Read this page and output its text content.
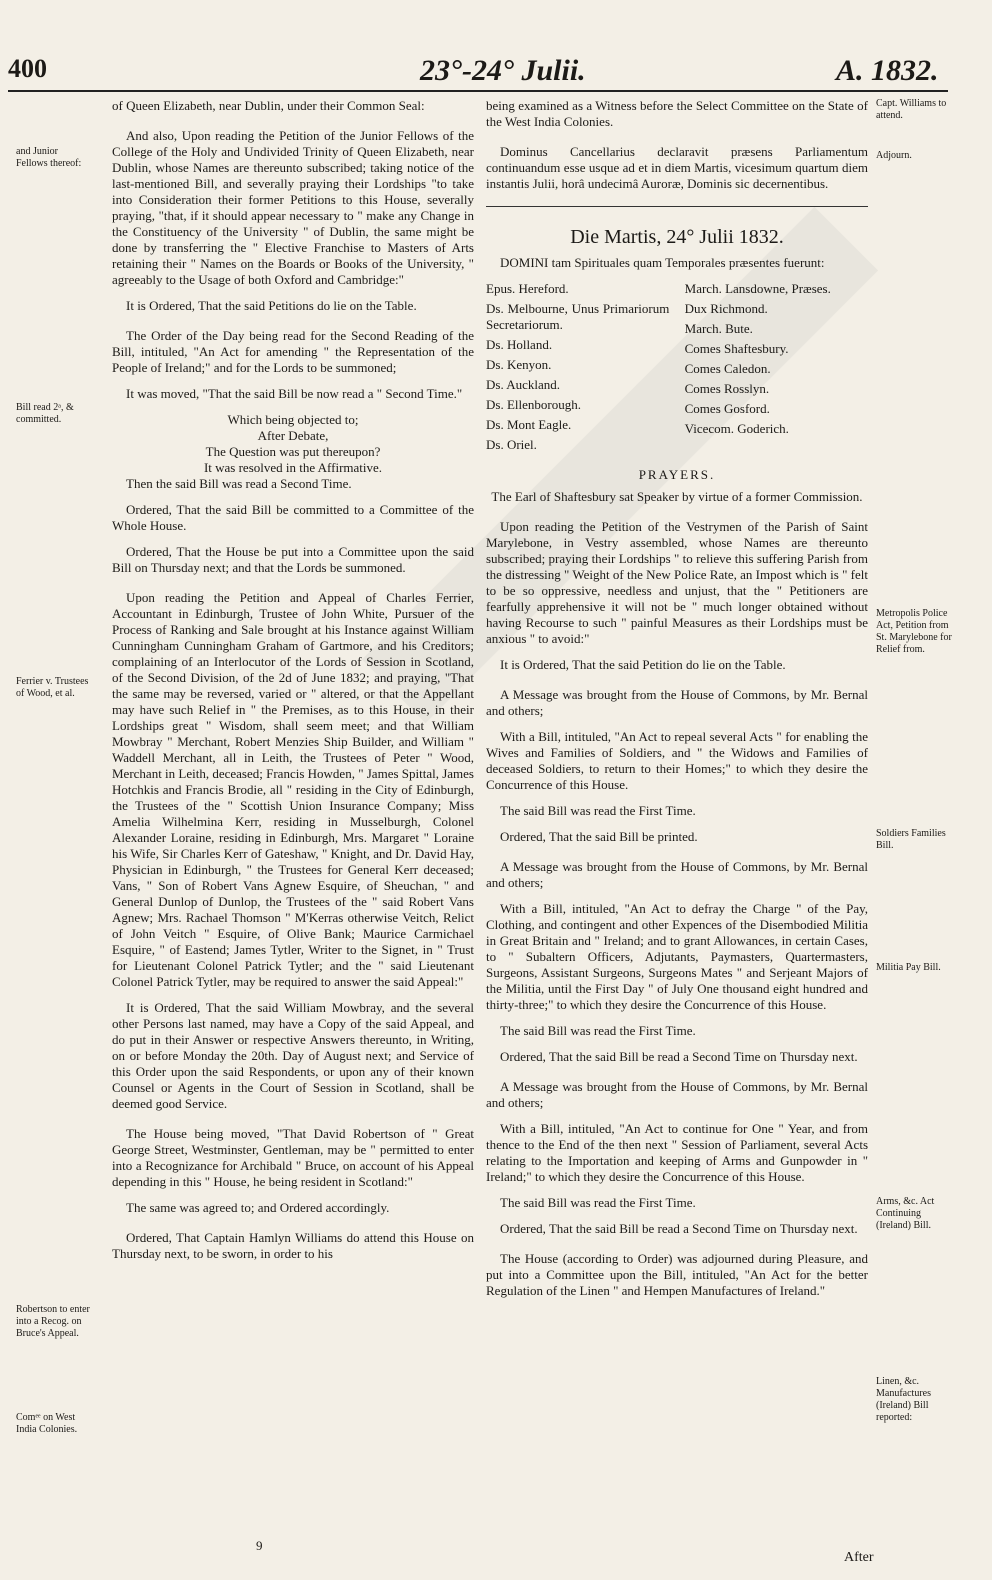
400	23°-24° Julii.	A. 1832.
and Junior Fellows thereof:
Bill read 2ᵃ, & committed.
Ferrier v. Trustees of Wood, et al.
Robertson to enter into a Recog. on Bruce's Appeal.
Comᵉᵉ on West India Colonies.
Capt. Williams to attend.
Adjourn.
Metropolis Police Act, Petition from St. Marylebone for Relief from.
Soldiers Families Bill.
Militia Pay Bill.
Arms, &c. Act Continuing (Ireland) Bill.
Linen, &c. Manufactures (Ireland) Bill reported:

of Queen Elizabeth, near Dublin, under their Common Seal:

And also, Upon reading the Petition of the Junior Fellows of the College of the Holy and Undivided Trinity of Queen Elizabeth, near Dublin, whose Names are thereunto subscribed; taking notice of the last-mentioned Bill, and severally praying their Lordships "to take into Consideration their former Petitions to this House, severally praying, "that, if it should appear necessary to " make any Change in the Constituency of the University " of Dublin, the same might be done by transferring the " Elective Franchise to Masters of Arts retaining their " Names on the Boards or Books of the University, " agreeably to the Usage of both Oxford and Cambridge:"

It is Ordered, That the said Petitions do lie on the Table.

The Order of the Day being read for the Second Reading of the Bill, intituled, "An Act for amending " the Representation of the People of Ireland;" and for the Lords to be summoned;

It was moved, "That the said Bill be now read a " Second Time."

Which being objected to;

After Debate,

The Question was put thereupon?

It was resolved in the Affirmative.

Then the said Bill was read a Second Time.

Ordered, That the said Bill be committed to a Committee of the Whole House.

Ordered, That the House be put into a Committee upon the said Bill on Thursday next; and that the Lords be summoned.

Upon reading the Petition and Appeal of Charles Ferrier, Accountant in Edinburgh, Trustee of John White, Pursuer of the Process of Ranking and Sale brought at his Instance against William Cunningham Cunningham Graham of Gartmore, and his Creditors; complaining of an Interlocutor of the Lords of Session in Scotland, of the Second Division, of the 2d of June 1832; and praying, "That the same may be reversed, varied or " altered, or that the Appellant may have such Relief in " the Premises, as to this House, in their Lordships great " Wisdom, shall seem meet; and that William Mowbray " Merchant, Robert Menzies Ship Builder, and William " Waddell Merchant, all in Leith, the Trustees of Peter " Wood, Merchant in Leith, deceased; Francis Howden, " James Spittal, James Hotchkis and Francis Brodie, all " residing in the City of Edinburgh, the Trustees of the " Scottish Union Insurance Company; Miss Amelia Wilhelmina Kerr, residing in Musselburgh, Colonel Alexander Loraine, residing in Edinburgh, Mrs. Margaret " Loraine his Wife, Sir Charles Kerr of Gateshaw, " Knight, and Dr. David Hay, Physician in Edinburgh, " the Trustees for General Kerr deceased; Vans, " Son of Robert Vans Agnew Esquire, of Sheuchan, " and General Dunlop of Dunlop, the Trustees of the " said Robert Vans Agnew; Mrs. Rachael Thomson " M'Kerras otherwise Veitch, Relict of John Veitch " Esquire, of Olive Bank; Maurice Carmichael Esquire, " of Eastend; James Tytler, Writer to the Signet, in " Trust for Lieutenant Colonel Patrick Tytler; and the " said Lieutenant Colonel Patrick Tytler, may be required to answer the said Appeal:"

It is Ordered, That the said William Mowbray, and the several other Persons last named, may have a Copy of the said Appeal, and do put in their Answer or respective Answers thereunto, in Writing, on or before Monday the 20th. Day of August next; and Service of this Order upon the said Respondents, or upon any of their known Counsel or Agents in the Court of Session in Scotland, shall be deemed good Service.

The House being moved, "That David Robertson of " Great George Street, Westminster, Gentleman, may be " permitted to enter into a Recognizance for Archibald " Bruce, on account of his Appeal depending in this " House, he being resident in Scotland:"

The same was agreed to; and Ordered accordingly.

Ordered, That Captain Hamlyn Williams do attend this House on Thursday next, to be sworn, in order to his

being examined as a Witness before the Select Committee on the State of the West India Colonies.

Dominus Cancellarius declaravit præsens Parliamentum continuandum esse usque ad et in diem Martis, vicesimum quartum diem instantis Julii, horâ undecimâ Auroræ, Dominis sic decernentibus.

Die Martis, 24° Julii 1832.

DOMINI tam Spirituales quam Temporales præsentes fuerunt:

Epus. Hereford.
Ds. Melbourne, Unus Primariorum Secretariorum.
Ds. Holland.
Ds. Kenyon.
Ds. Auckland.
Ds. Ellenborough.
Ds. Mont Eagle.
Ds. Oriel.
March. Lansdowne, Præses.
Dux Richmond.
March. Bute.
Comes Shaftesbury.
Comes Caledon.
Comes Rosslyn.
Comes Gosford.
Vicecom. Goderich.
PRAYERS.

The Earl of Shaftesbury sat Speaker by virtue of a former Commission.

Upon reading the Petition of the Vestrymen of the Parish of Saint Marylebone, in Vestry assembled, whose Names are thereunto subscribed; praying their Lordships " to relieve this suffering Parish from the distressing " Weight of the New Police Rate, an Impost which is " felt to be so oppressive, needless and unjust, that the " Petitioners are fearfully apprehensive it will not be " much longer obtained without having Recourse to such " painful Measures as their Lordships must be anxious " to avoid:"

It is Ordered, That the said Petition do lie on the Table.

A Message was brought from the House of Commons, by Mr. Bernal and others;

With a Bill, intituled, "An Act to repeal several Acts " for enabling the Wives and Families of Soldiers, and " the Widows and Families of deceased Soldiers, to return to their Homes;" to which they desire the Concurrence of this House.

The said Bill was read the First Time.

Ordered, That the said Bill be printed.

A Message was brought from the House of Commons, by Mr. Bernal and others;

With a Bill, intituled, "An Act to defray the Charge " of the Pay, Clothing, and contingent and other Expences of the Disembodied Militia in Great Britain and " Ireland; and to grant Allowances, in certain Cases, to " Subaltern Officers, Adjutants, Paymasters, Quartermasters, Surgeons, Assistant Surgeons, Surgeons Mates " and Serjeant Majors of the Militia, until the First Day " of July One thousand eight hundred and thirty-three;" to which they desire the Concurrence of this House.

The said Bill was read the First Time.

Ordered, That the said Bill be read a Second Time on Thursday next.

A Message was brought from the House of Commons, by Mr. Bernal and others;

With a Bill, intituled, "An Act to continue for One " Year, and from thence to the End of the then next " Session of Parliament, several Acts relating to the Importation and keeping of Arms and Gunpowder in " Ireland;" to which they desire the Concurrence of this House.

The said Bill was read the First Time.

Ordered, That the said Bill be read a Second Time on Thursday next.

The House (according to Order) was adjourned during Pleasure, and put into a Committee upon the Bill, intituled, "An Act for the better Regulation of the Linen " and Hempen Manufactures of Ireland."

9
After
